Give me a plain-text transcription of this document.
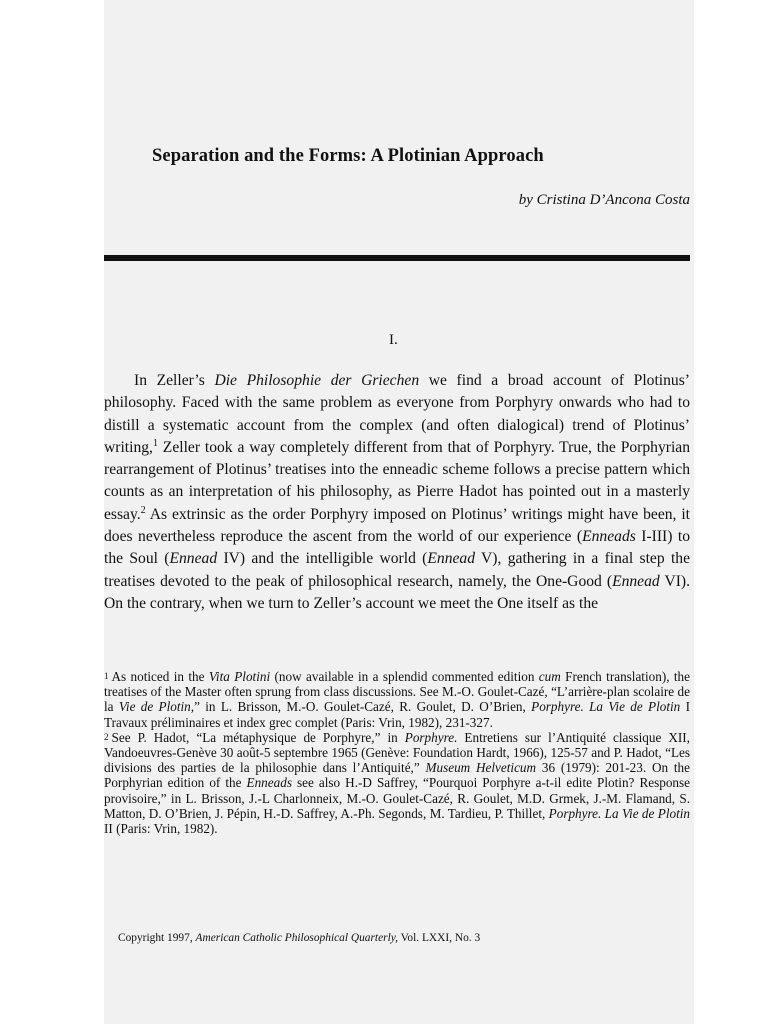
Separation and the Forms: A Plotinian Approach
by Cristina D’Ancona Costa
I.

In Zeller’s Die Philosophie der Griechen we find a broad account of Plotinus’ philosophy. Faced with the same problem as everyone from Porphyry onwards who had to distill a systematic account from the complex (and often dialogical) trend of Plotinus’ writing,$^1$ Zeller took a way completely different from that of Porphyry. True, the Porphyrian rearrangement of Plotinus’ treatises into the enneadic scheme follows a precise pattern which counts as an interpretation of his philosophy, as Pierre Hadot has pointed out in a masterly essay.$^2$ As extrinsic as the order Porphyry imposed on Plotinus’ writings might have been, it does nevertheless reproduce the ascent from the world of our experience (Enneads I-III) to the Soul (Ennead IV) and the intelligible world (Ennead V), gathering in a final step the treatises devoted to the peak of philosophical research, namely, the One-Good (Ennead VI). On the contrary, when we turn to Zeller’s account we meet the One itself as the

1 As noticed in the Vita Plotini (now available in a splendid commented edition cum French translation), the treatises of the Master often sprung from class discussions. See M.-O. Goulet-Cazé, “L’arrière-plan scolaire de la Vie de Plotin,” in L. Brisson, M.-O. Goulet-Cazé, R. Goulet, D. O’Brien, Porphyre. La Vie de Plotin I Travaux préliminaires et index grec complet (Paris: Vrin, 1982), 231-327.

2 See P. Hadot, “La métaphysique de Porphyre,” in Porphyre. Entretiens sur l’Antiquité classique XII, Vandoeuvres-Genève 30 août-5 septembre 1965 (Genève: Foundation Hardt, 1966), 125-57 and P. Hadot, “Les divisions des parties de la philosophie dans l’Antiquité,” Museum Helveticum 36 (1979): 201-23. On the Porphyrian edition of the Enneads see also H.-D Saffrey, “Pourquoi Porphyre a-t-il edite Plotin? Response provisoire,” in L. Brisson, J.-L Charlonneix, M.-O. Goulet-Cazé, R. Goulet, M.D. Grmek, J.-M. Flamand, S. Matton, D. O’Brien, J. Pépin, H.-D. Saffrey, A.-Ph. Segonds, M. Tardieu, P. Thillet, Porphyre. La Vie de Plotin II (Paris: Vrin, 1982).

Copyright 1997, American Catholic Philosophical Quarterly, Vol. LXXI, No. 3
